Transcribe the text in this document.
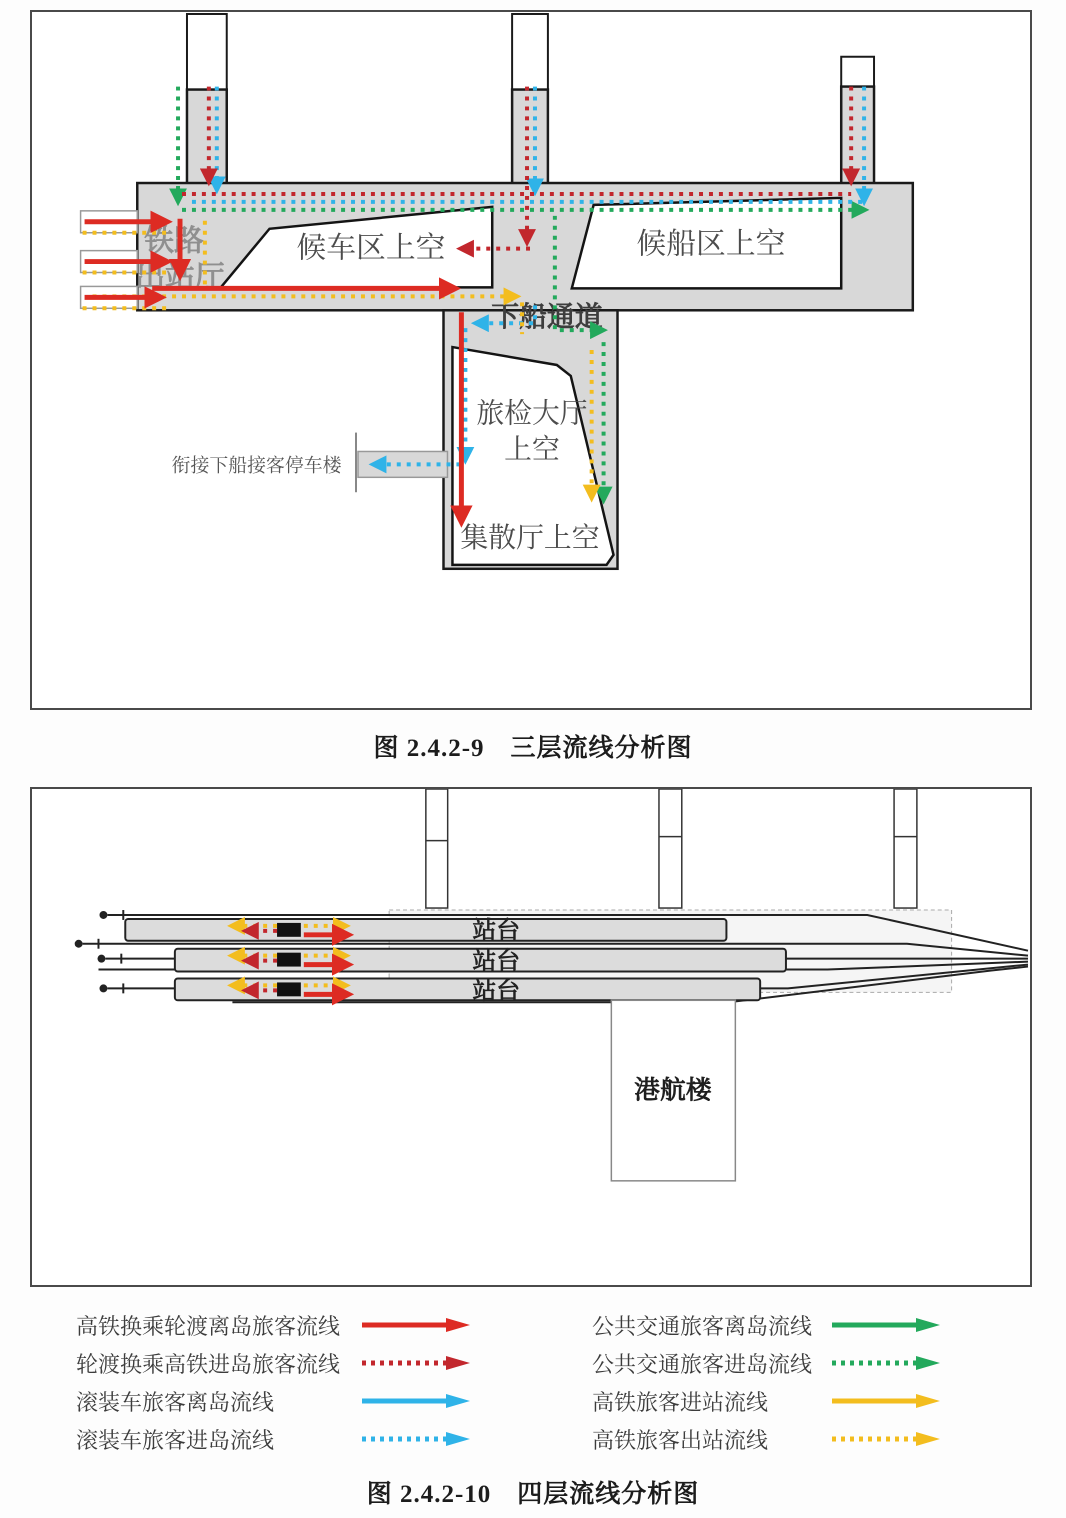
铁路
出站厅
候车区上空	候船区上空
下船通道
旅检大厅
上空
集散厅上空
衔接下船接客停车楼
图 2.4.2-9　三层流线分析图
站台
站台
站台
港航楼
高铁换乘轮渡离岛旅客流线
轮渡换乘高铁进岛旅客流线
滚装车旅客离岛流线
滚装车旅客进岛流线
公共交通旅客离岛流线
公共交通旅客进岛流线
高铁旅客进站流线
高铁旅客出站流线
图 2.4.2-10　四层流线分析图
